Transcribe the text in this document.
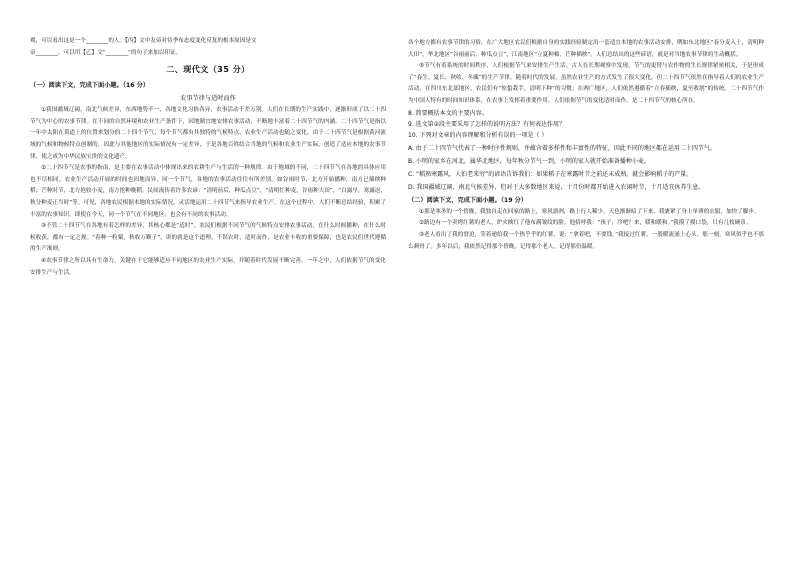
观，可以看出这是一个________的人。【丙】文中友帝对待季布态度变化反复的根本原因是文
帝________，可以用【乙】文“________”的句子来加以印证。
二、现代文（35 分）
（一）阅读下文，完成下面小题。（16 分）
农事节律与适时而作

①我国疆域辽阔，南北气候差异，东西地势不一，各地文化习俗各异，农事活动千差万别。人们在长期的生产实践中，逐渐形成了以二十四节气为中心的农事节律。在不同的自然环境和农业生产条件下，因地制宜地安排农事活动，不断地丰富着二十四节气的内涵。二十四节气是指以一年中太阳在黄道上的位置来划分的二十四个节气，每个节气都有其独特的气候特点，农业生产活动也随之变化。由于二十四节气是根据黄河流域的气候和物候特点创制的，因此与其他地区的实际情况有一定差异，于是各地百姓结合当地的气候和农业生产实际，创造了适应本地的农事节律，使之成为中华民族宝贵的文化遗产。

②二十四节气是农事的指南，是主要在农事活动中体现出来的农耕生产与生活的一种规律。由于地域的不同，二十四节气在各地的具体应用也不尽相同。农业生产活动开展的时间也因地而异，同一个节气，各地的农事活动往往有所差别。如谷雨时节，北方开始播种，南方已插秧种稻；芒种时节，北方抢收小麦，南方抢种晚稻。民间流传着许多农谚：“清明前后，种瓜点豆”，“清明忙种麦，谷雨种大田”，“白露早，寒露迟，秋分种麦正当时”等。可见，各地农民根据本地的实际情况，灵活地运用二十四节气来指导农业生产。在这个过程中，人们不断总结经验，积累了丰富的农事知识。即使在今天，同一个节气在不同地区，也会有不同的农事活动。

③不管二十四节气在各地有着怎样的差异，其核心都是“适时”。农民们根据不同节气的气候特点安排农事活动，在什么时候播种，在什么时候收获，都有一定之规。“春种一粒粟，秋收万颗子”，讲的就是这个道理。不误农时，适时而作，是农业丰收的重要保障，也是农民们世代遵循的生产准则。

④农事节律之所以具有生命力，关键在于它能够适应不同地区的农业生产实际，并随着时代发展不断完善。一年之中，人们依据节气的变化安排生产与生活。

各个地方都有农事节律的习俗，在广大地区农民们根据自身的实践经验制定出一套适宜本地的农事活动安排，例如东北地区“春分麦入土，清明种大田”，华北地区“谷雨前后，种瓜点豆”，江南地区“立夏种棉，芒种插秧”。人们总结出的这些谚语，就是对当地农事节律的生动概括。

⑤节气有着系统的时间秩序，人们根据节气来安排生产生活。古人在长期观察中发现，节气的更替与农作物的生长规律紧密相关，于是形成了“春生、夏长、秋收、冬藏”的生产节律。随着时代的发展，虽然农业生产的方式发生了很大变化，但二十四节气依然在指导着人们的农业生产活动。在四川东北部地区，农民们有“惊蛰栽芋，清明下种”的习惯；在两广地区，人们依然遵循着“立春插秧，夏至收割”的传统。二十四节气作为中国人特有的时间知识体系，在农事上发挥着重要作用。人们依据节气的变化适时而作，是二十四节气的核心所在。

8. 简要概括本文的主要内容。
9. 选文第②段主要采用了怎样的说明方法？有何表达作用？
10. 下列对文章的内容理解和分析有误的一项是（ ）
A. 由于二十四节气代表了一种时序性规则，并蕴含着多样性和丰富性的特征，因此不同的地区都在运用二十四节气。
B. 小明的家乡在河北，属华北地区，每年秋分节气一到，小明的家人就开始准备播种小麦。
C. “稻熟寒露风，人怕老来穷”的谚语告诉我们：如果稻子在寒露时节之前还未成熟，就会影响稻子的产量。
D. 我国疆域辽阔，南北气候差异，但对于大多数地区来说，十月份时都开始进入农闲时节，十月适宜休养生息。
（二）阅读下文，完成下面小题。（19 分）

①那是寒冬的一个傍晚，我独自走在回家的路上，寒风凛冽，路上行人稀少，天色渐渐暗了下来。我裹紧了身上单薄的衣服，加快了脚步。

②路边有一个卖烤红薯的老人，炉火映红了他布满皱纹的脸。他招呼我：“孩子，冷吧？来，暖和暖和。”我摸了摸口袋，只有几枚硬币。

③老人看出了我的窘迫，笑着递给我一个热乎乎的红薯，说：“拿着吧，不要钱。”我接过红薯，一股暖流涌上心头。那一刻，寒风似乎也不那么刺骨了。多年以后，我依然记得那个傍晚，记得那个老人，记得那份温暖。
